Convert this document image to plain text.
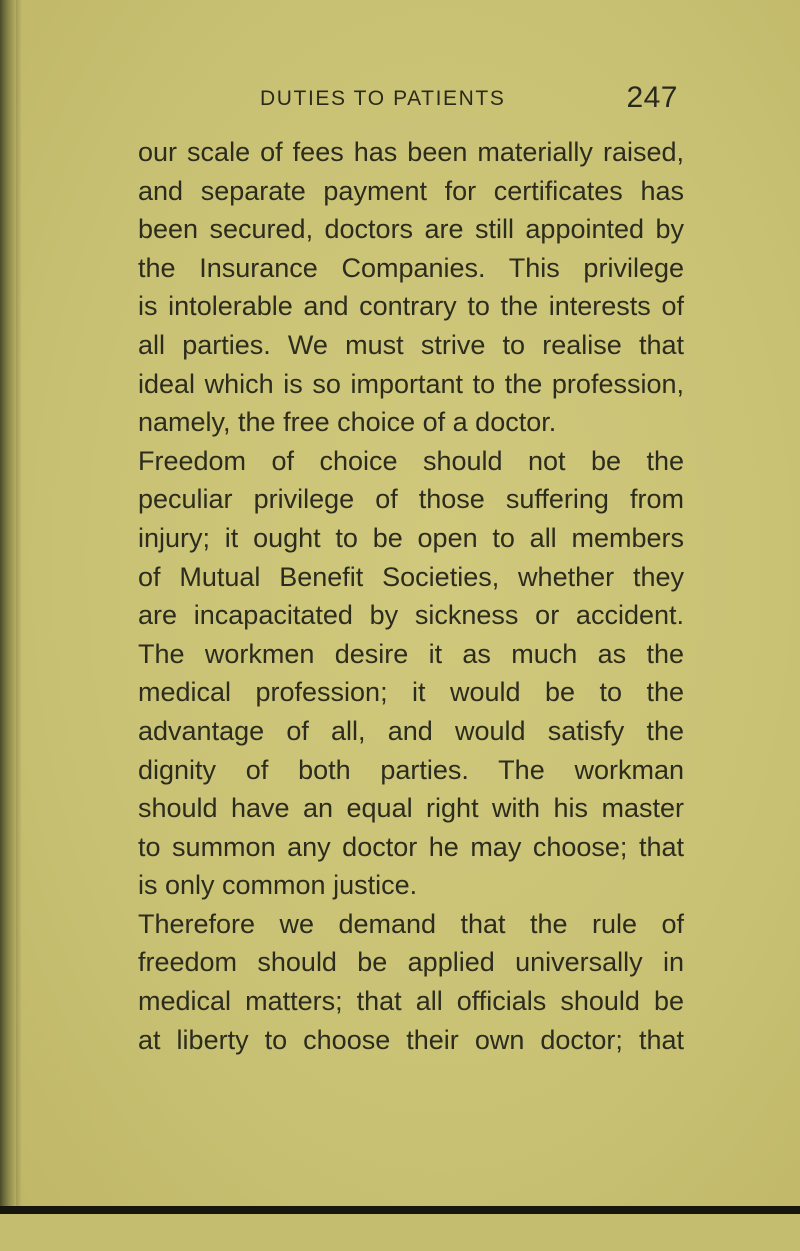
DUTIES TO PATIENTS	247
our scale of fees has been materially raised,
and separate payment for certificates has
been secured, doctors are still appointed by
the Insurance Companies. This privilege
is intolerable and contrary to the interests of
all parties. We must strive to realise that
ideal which is so important to the profession,
namely, the free choice of a doctor.
Freedom of choice should not be the
peculiar privilege of those suffering from
injury; it ought to be open to all members
of Mutual Benefit Societies, whether they
are incapacitated by sickness or accident.
The workmen desire it as much as the
medical profession; it would be to the
advantage of all, and would satisfy the
dignity of both parties. The workman
should have an equal right with his master
to summon any doctor he may choose; that
is only common justice.
Therefore we demand that the rule of
freedom should be applied universally in
medical matters; that all officials should be
at liberty to choose their own doctor; that
